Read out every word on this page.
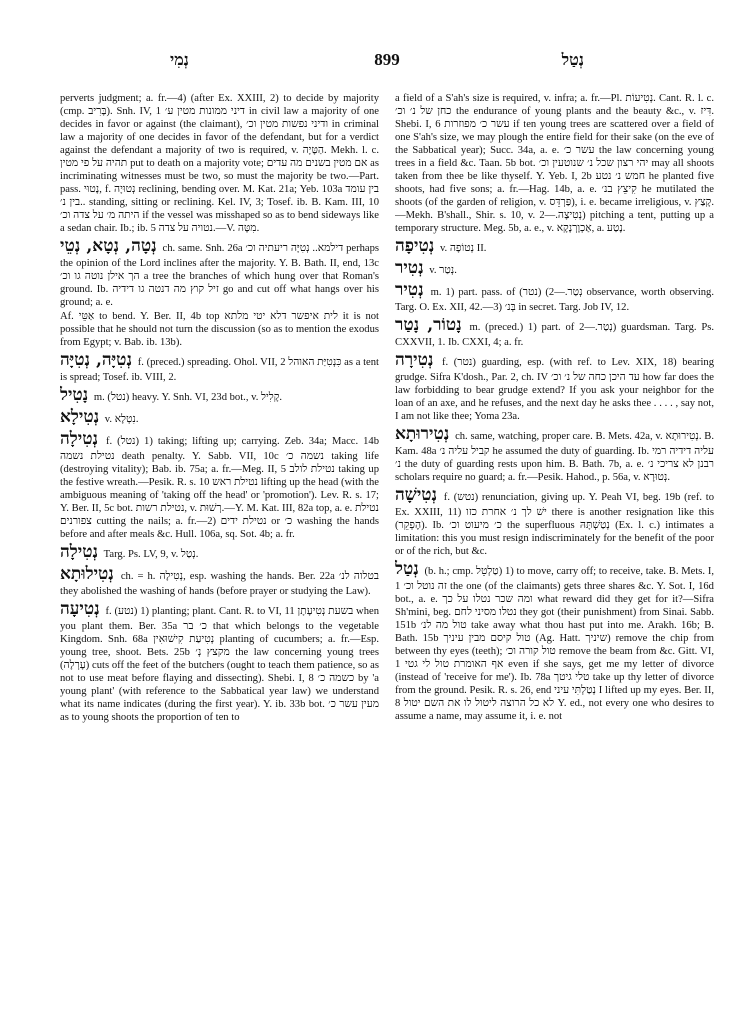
נְמִי	899	נְטַל

perverts judgment; a. fr.—4) (after Ex. XXIII, 2) to decide by majority (cmp. בָּרִיב). Snh. IV, 1 דיני ממונות מטין ע׳ in civil law a majority of one decides in favor or against (the claimant), ודיני נפשות מטין וכ׳ in criminal law a majority of one decides in favor of the defendant, but for a verdict against the defendant a majority of two is required, v. הַטָּיָה. Mekh. l. c. תהיה על פי מטין put to death on a majority vote; אם מטין בשנים מה עדים as incriminating witnesses must be two, so must the majority be two.—Part. pass. נָטוּי, f. נְטוּיָה reclining, bending over. M. Kat. 21a; Yeb. 103a בין עומד בין נ׳.. standing, sitting or reclining. Kel. IV, 3; Tosef. ib. B. Kam. III, 10 היתה מ׳ על צדה וכ׳ if the vessel was misshaped so as to bend sideways like a sedan chair. Ib.; ib. 5 נטויה על צדה.—V. מִטָּה.

נְטָה, נְטָא, נְטֵי ch. same. Snh. 26a דילמא.. נְטִיָּה ריעתיה וכ׳ perhaps the opinion of the Lord inclines after the majority. Y. B. Bath. II, end, 13c הך אילן נוטה גו וכ׳ a tree the branches of which hung over that Roman's ground. Ib. זיל קוץ מה דנטה גו דידיה go and cut off what hangs over his ground; a. e.

Af. אַטֵּי to bend. Y. Ber. II, 4b top לית איפשר דלא יטי מלתא it is not possible that he should not turn the discussion (so as to mention the exodus from Egypt; v. Bab. ib. 13b).

נְטִיָּה, נְטִיָּה f. (preced.) spreading. Ohol. VII, 2 כִּנְטִיַּת האוהל as a tent is spread; Tosef. ib. VIII, 2.

נָטִיל m. (נטל) heavy. Y. Snh. VI, 23d bot., v. קָלִיל.

נְטִילָא v. נִטְלָא.

נְטִילָה f. (נטל) 1) taking; lifting up; carrying. Zeb. 34a; Macc. 14b נטילת נשמה death penalty. Y. Sabb. VII, 10c נשמה כ׳ taking life (destroying vitality); Bab. ib. 75a; a. fr.—Meg. II, 5 נטילת לולב taking up the festive wreath.—Pesik. R. s. 10 נטילת ראש lifting up the head (with the ambiguous meaning of 'taking off the head' or 'promotion'). Lev. R. s. 17; Y. Ber. II, 5c bot. נטילת רשות, v. רְשׁוּת.—Y. M. Kat. III, 82a top, a. e. נטילת צפורנים cutting the nails; a. fr.—2) נטילת ידים or כ׳ washing the hands before and after meals &c. Hull. 106a, sq. Sot. 4b; a. fr.

נְטִילָה Targ. Ps. LV, 9, v. נְטַל.

נְטִילוּתָא ch. = h. נְטִילָה, esp. washing the hands. Ber. 22a בטלוה לנ׳ they abolished the washing of hands (before prayer or studying the Law).

נְטִיעָה f. (נטע) 1) planting; plant. Cant. R. to VI, 11 בשעת נְטִיעָתָן when you plant them. Ber. 35a כ׳ בר that which belongs to the vegetable Kingdom. Snh. 68a נְטִיעַת קִישׁוּאִין planting of cucumbers; a. fr.—Esp. young tree, shoot. Bets. 25b מקצץ נְ׳ the law concerning young trees (עָרְלָה) cuts off the feet of the butchers (ought to teach them patience, so as not to use meat before flaying and dissecting). Shebi. I, 8 כשמה כ׳ by 'a young plant' (with reference to the Sabbatical year law) we understand what its name indicates (during the first year). Y. ib. 33b bot. מעין עשר כ׳ as to young shoots the proportion of ten to

a field of a S'ah's size is required, v. infra; a. fr.—Pl. נְטִיעוֹת. Cant. R. l. c. כחן של נ׳ וכ׳ the endurance of young plants and the beauty &c., v. דִּיז. Shebi. I, 6 עשר כ׳ מפוזרות if ten young trees are scattered over a field of one S'ah's size, we may plough the entire field for their sake (on the eve of the Sabbatical year); Succ. 34a, a. e. עשר כ׳ the law concerning young trees in a field &c. Taan. 5b bot. יהי רצון שכל נ׳ שנוטעין וכ׳ may all shoots taken from thee be like thyself. Y. Yeb. I, 2b חמש נ׳ נטע he planted five shoots, had five sons; a. fr.—Hag. 14b, a. e. קִיצֵץ בנ׳ he mutilated the shoots (of the garden of religion, v. פַּרְדֵּס), i. e. became irreligious, v. קָצַץ.—Mekh. B'shall., Shir. s. 10, v. נְטִיצָה.—2) pitching a tent, putting up a temporary structure. Meg. 5b, a. e., v. אַכְוָרְנָקָא, a. נָטַע.

נְטִיפָה v. נְטוֹפָה II.

נְטִיר v. נְטַר.

נְטִיר m. 1) part. pass. of נְטַר.—2) (נטר) observance, worth observing. Targ. O. Ex. XII, 42.—3) בְּנ׳ in secret. Targ. Job IV, 12.

נָטוֹר, נָטַר m. (preced.) 1) part. of נְטַר.—2) guardsman. Targ. Ps. CXXVII, 1. Ib. CXXI, 4; a. fr.

נְטִירָה f. (נטר) guarding, esp. (with ref. to Lev. XIX, 18) bearing grudge. Sifra K'dosh., Par. 2, ch. IV עד היכן כחה של נ׳ וכ׳ how far does the law forbidding to bear grudge extend? If you ask your neighbor for the loan of an axe, and he refuses, and the next day he asks thee . . . . , say not, I am not like thee; Yoma 23a.

נְטִירוּתָא ch. same, watching, proper care. B. Mets. 42a, v. נְטִירוּתָא. B. Kam. 48a קביל עליה נ׳ he assumed the duty of guarding. Ib. עליה דידיה רמי נ׳ the duty of guarding rests upon him. B. Bath. 7b, a. e. רבנן לא צריכי נ׳ scholars require no guard; a. fr.—Pesik. Hahod., p. 56a, v. נְטוּרָא.

נְטִישָׁה f. (נטש) renunciation, giving up. Y. Peah VI, beg. 19b (ref. to Ex. XXIII, 11) ישׁ לך נ׳ אחרת כזו there is another resignation like this (הֶפְקֵר). Ib. כ׳ מיעוט וכ׳ the superfluous נְטַשְׁתָּהּ (Ex. l. c.) intimates a limitation: this you must resign indiscriminately for the benefit of the poor or of the rich, but &c.

נְטַל (b. h.; cmp. טַלְטֵל) 1) to move, carry off; to receive, take. B. Mets. I, 1 זה נוטל וכ׳ the one (of the claimants) gets three shares &c. Y. Sot. I, 16d bot., a. e. ומה שכר נטלו על כך what reward did they get for it?—Sifra Sh'mini, beg. נטלו מסיני לחם they got (their punishment) from Sinai. Sabb. 151b טול מה לנ׳ take away what thou hast put into me. Arakh. 16b; B. Bath. 15b טול קיסם מבין עיניך (Ag. Hatt. שיניך) remove the chip from between thy eyes (teeth); טול קורה וכ׳ remove the beam from &c. Gitt. VI, 1 אף האומרת טול לי גטי even if she says, get me my letter of divorce (instead of 'receive for me'). Ib. 78a טלי גיטך take up thy letter of divorce from the ground. Pesik. R. s. 26, end נְטַלְתִּי עיני I lifted up my eyes. Ber. II, 8 לא כל הרוצה ליטול לו את השם יטול Y. ed., not every one who desires to assume a name, may assume it, i. e. not
